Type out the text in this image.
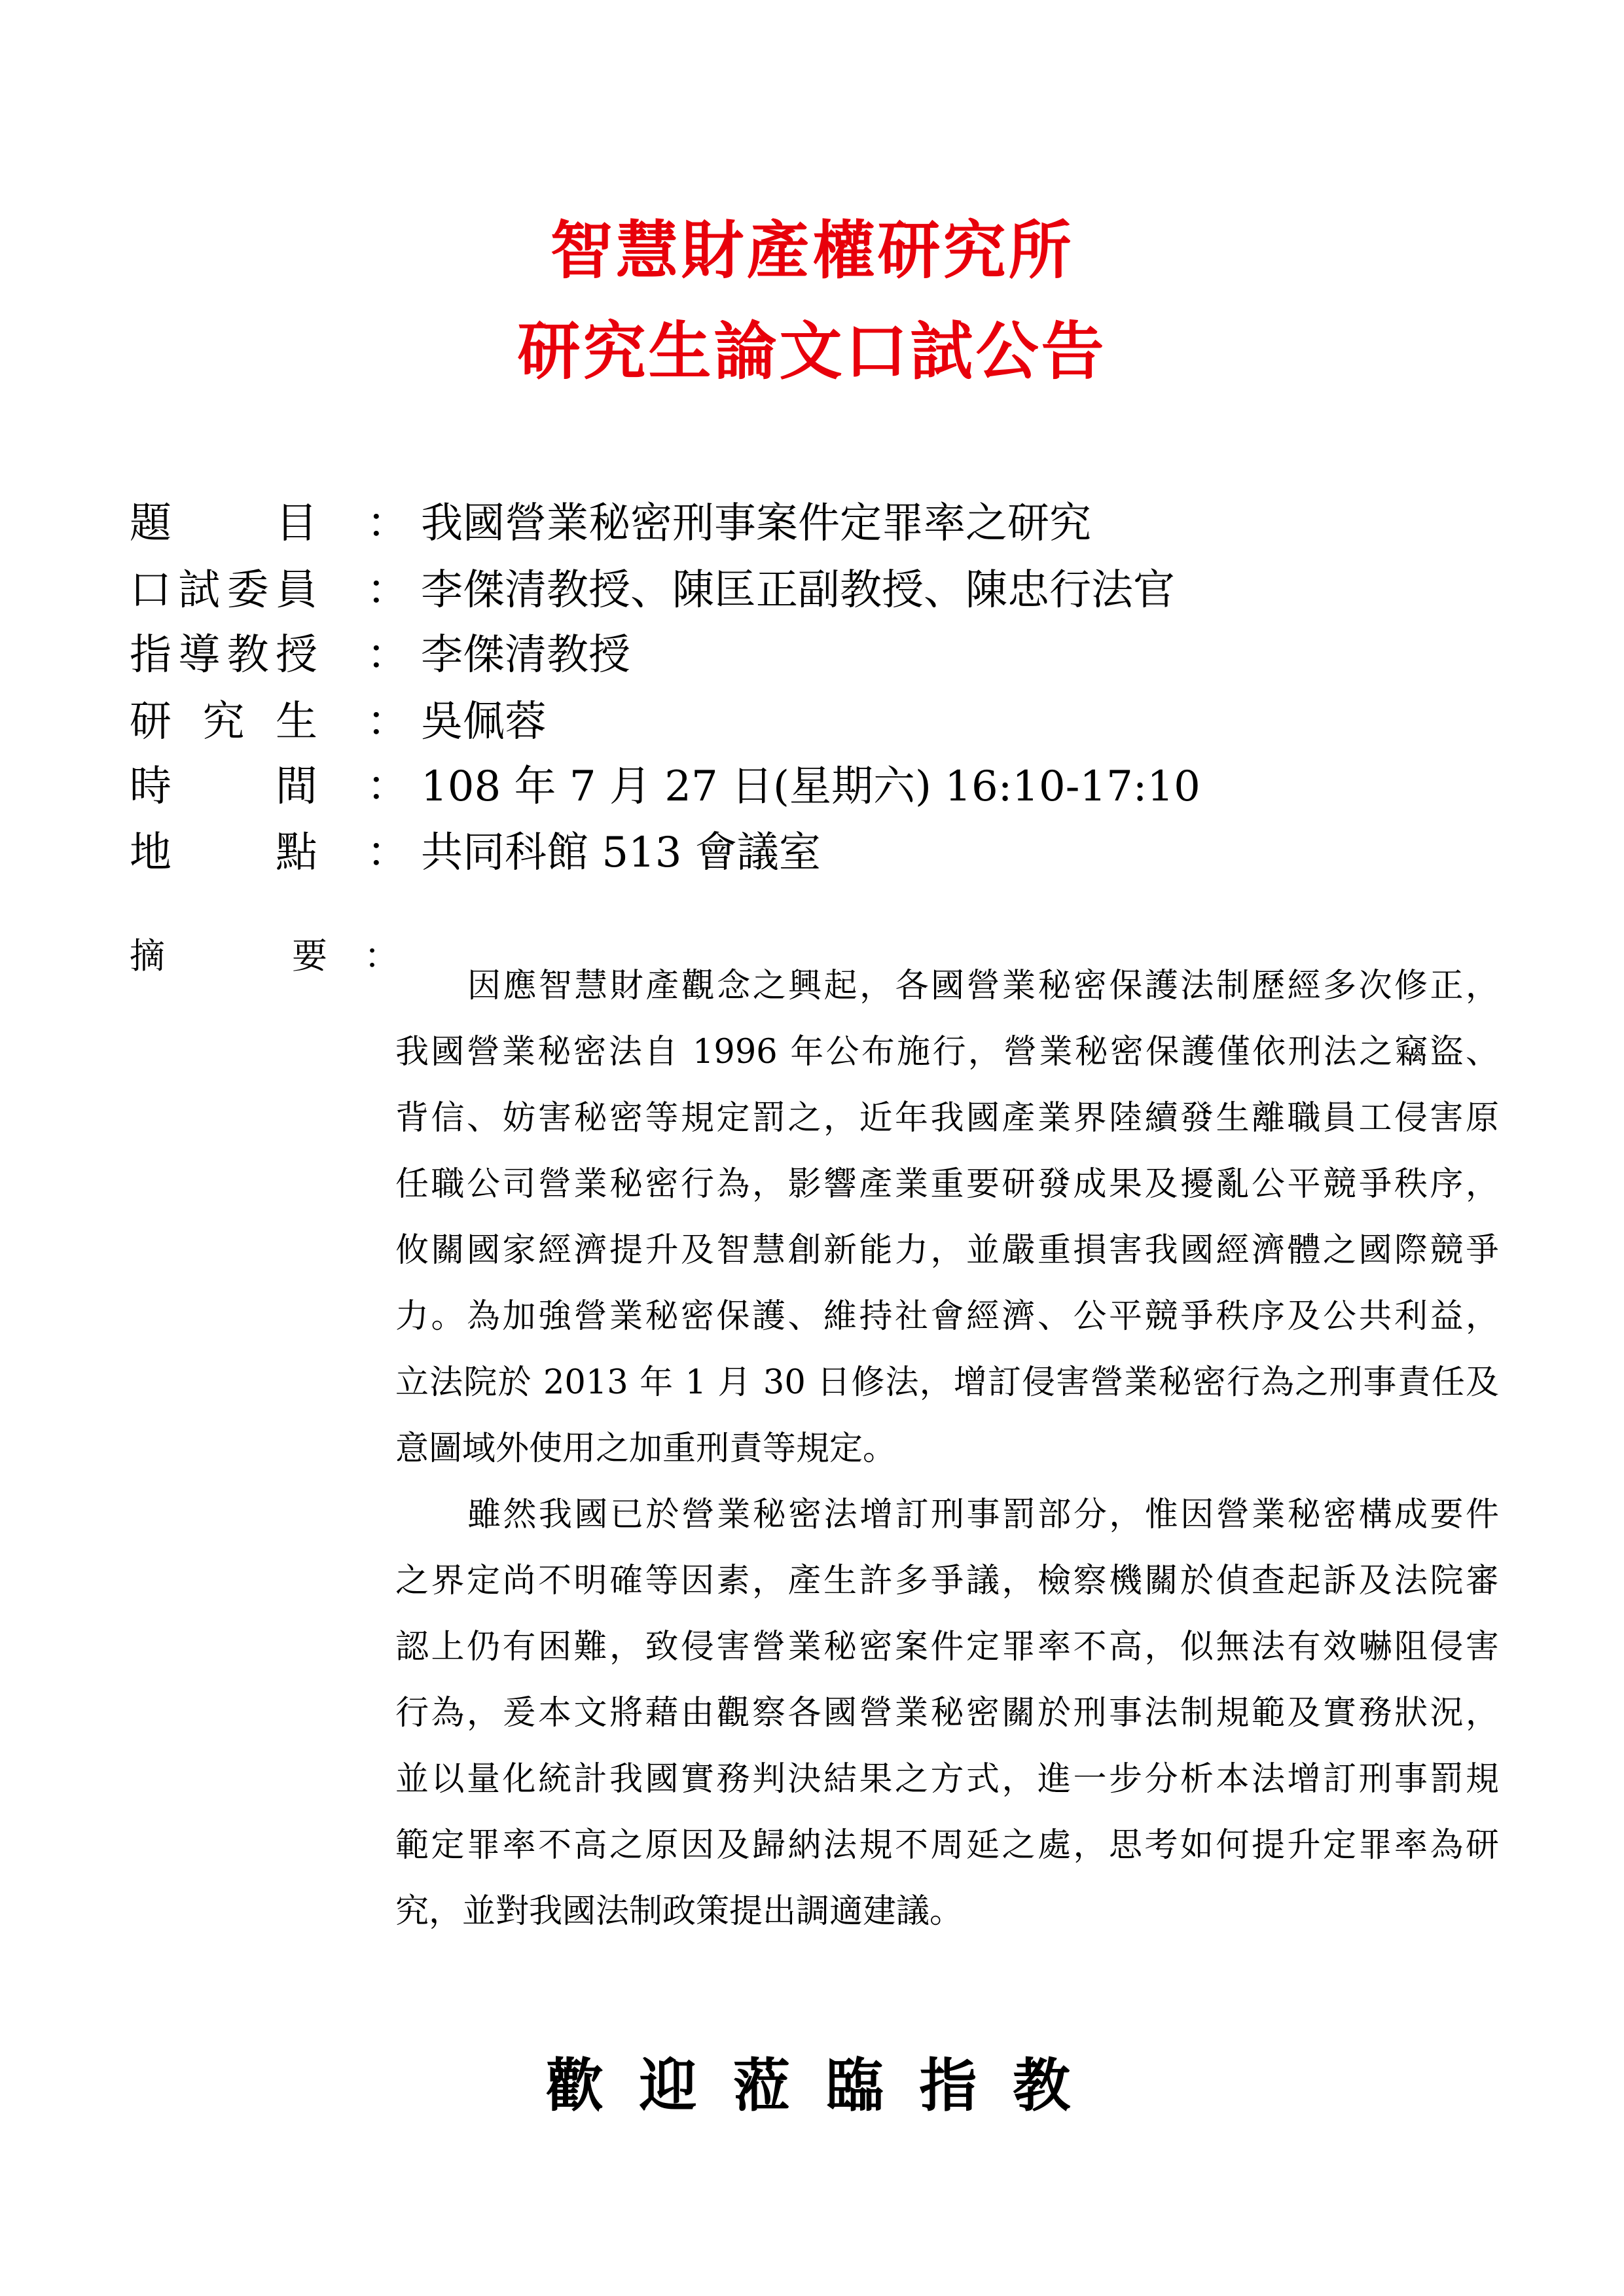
智慧財產權研究所
研究生論文口試公告
題　　目 ： 我國營業秘密刑事案件定罪率之研究
口試委員 ： 李傑清教授、陳匡正副教授、陳忠行法官
指導教授 ： 李傑清教授
研 究 生 ： 吳佩蓉
時　　間 ： 108 年 7 月 27 日(星期六) 16:10-17:10
地　　點 ： 共同科館 513 會議室
摘　　要 ：
因應智慧財產觀念之興起，各國營業秘密保護法制歷經多次修正，
我國營業秘密法自 1996 年公布施行，營業秘密保護僅依刑法之竊盜、
背信、妨害秘密等規定罰之，近年我國產業界陸續發生離職員工侵害原
任職公司營業秘密行為，影響產業重要研發成果及擾亂公平競爭秩序，
攸關國家經濟提升及智慧創新能力，並嚴重損害我國經濟體之國際競爭
力。為加強營業秘密保護、維持社會經濟、公平競爭秩序及公共利益，
立法院於 2013 年 1 月 30 日修法，增訂侵害營業秘密行為之刑事責任及
意圖域外使用之加重刑責等規定。
雖然我國已於營業秘密法增訂刑事罰部分，惟因營業秘密構成要件
之界定尚不明確等因素，產生許多爭議，檢察機關於偵查起訴及法院審
認上仍有困難，致侵害營業秘密案件定罪率不高，似無法有效嚇阻侵害
行為，爰本文將藉由觀察各國營業秘密關於刑事法制規範及實務狀況，
並以量化統計我國實務判決結果之方式，進一步分析本法增訂刑事罰規
範定罪率不高之原因及歸納法規不周延之處，思考如何提升定罪率為研
究，並對我國法制政策提出調適建議。
歡 迎 蒞 臨 指 教
